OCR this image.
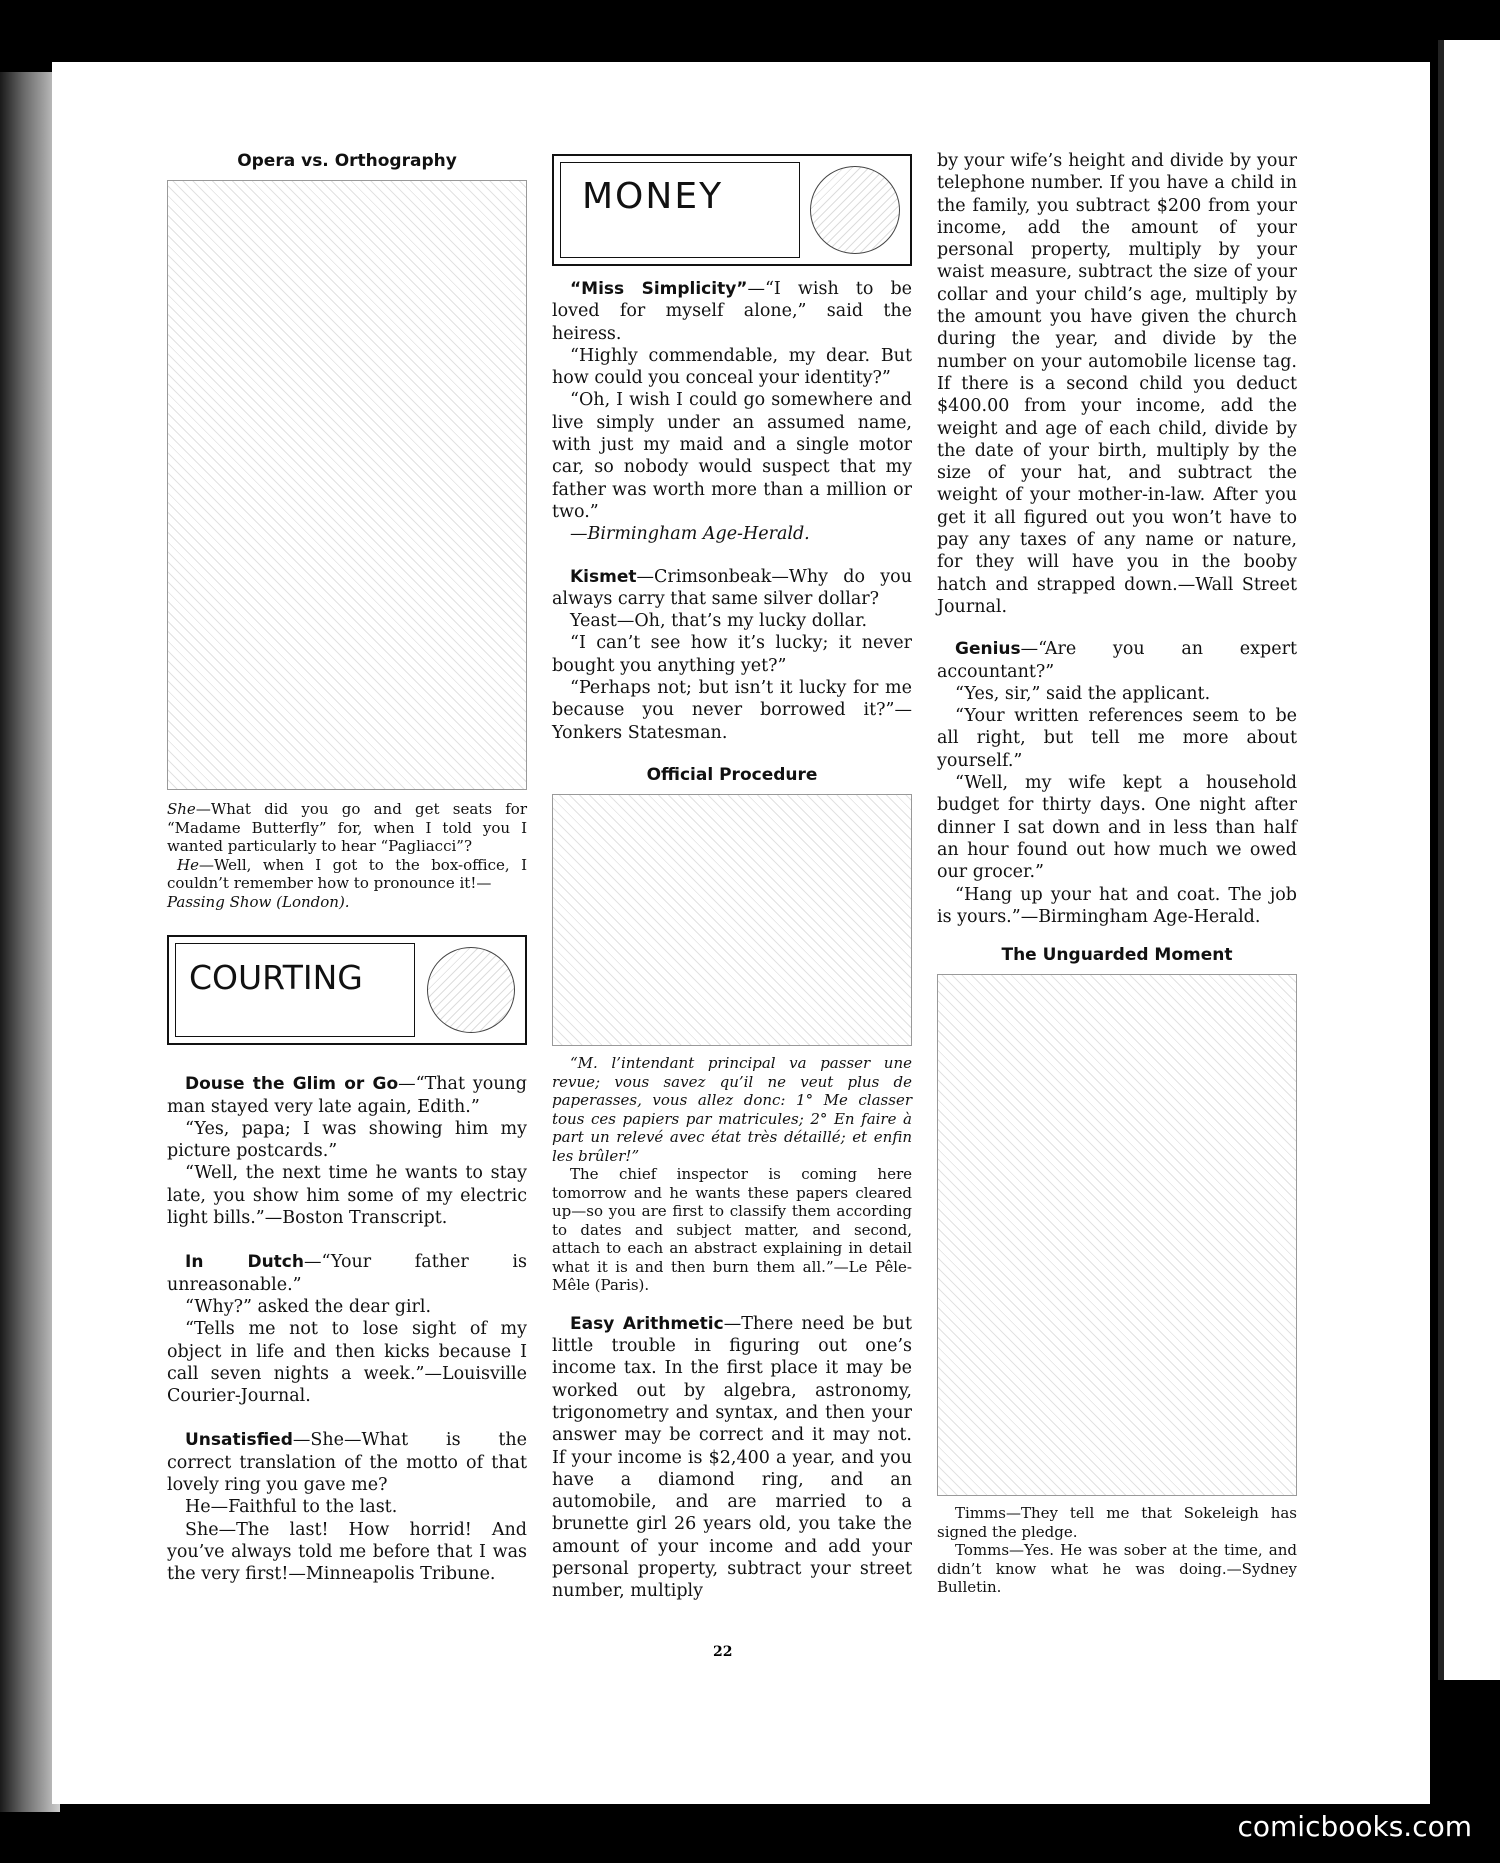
Opera vs. Orthography

She—What did you go and get seats for “Madame Butterfly” for, when I told you I wanted particularly to hear “Pagliacci”?

He—Well, when I got to the box-office, I couldn’t remember how to pronounce it!—

Passing Show (London).

COURTING

Douse the Glim or Go—“That young man stayed very late again, Edith.”

“Yes, papa; I was showing him my picture postcards.”

“Well, the next time he wants to stay late, you show him some of my electric light bills.”—Boston Transcript.

In Dutch—“Your father is unreasonable.”

“Why?” asked the dear girl.

“Tells me not to lose sight of my object in life and then kicks because I call seven nights a week.”—Louisville Courier-Journal.

Unsatisfied—She—What is the correct translation of the motto of that lovely ring you gave me?

He—Faithful to the last.

She—The last! How horrid! And you’ve always told me before that I was the very first!—Minneapolis Tribune.

MONEY

“Miss Simplicity”—“I wish to be loved for myself alone,” said the heiress.

“Highly commendable, my dear. But how could you conceal your identity?”

“Oh, I wish I could go somewhere and live simply under an assumed name, with just my maid and a single motor car, so nobody would suspect that my father was worth more than a million or two.”

—Birmingham Age-Herald.

Kismet—Crimsonbeak—Why do you always carry that same silver dollar?

Yeast—Oh, that’s my lucky dollar.

“I can’t see how it’s lucky; it never bought you anything yet?”

“Perhaps not; but isn’t it lucky for me because you never borrowed it?”—Yonkers Statesman.

Official Procedure

“M. l’intendant principal va passer une revue; vous savez qu’il ne veut plus de paperasses, vous allez donc: 1° Me classer tous ces papiers par matricules; 2° En faire à part un relevé avec état très détaillé; et enfin les brûler!”

The chief inspector is coming here tomorrow and he wants these papers cleared up—so you are first to classify them according to dates and subject matter, and second, attach to each an abstract explaining in detail what it is and then burn them all.”—Le Pêle-Mêle (Paris).

Easy Arithmetic—There need be but little trouble in figuring out one’s income tax. In the first place it may be worked out by algebra, astronomy, trigonometry and syntax, and then your answer may be correct and it may not. If your income is $2,400 a year, and you have a diamond ring, and an automobile, and are married to a brunette girl 26 years old, you take the amount of your income and add your personal property, subtract your street number, multiply

by your wife’s height and divide by your telephone number. If you have a child in the family, you subtract $200 from your income, add the amount of your personal property, multiply by your waist measure, subtract the size of your collar and your child’s age, multiply by the amount you have given the church during the year, and divide by the number on your automobile license tag. If there is a second child you deduct $400.00 from your income, add the weight and age of each child, divide by the date of your birth, multiply by the size of your hat, and subtract the weight of your mother-in-law. After you get it all figured out you won’t have to pay any taxes of any name or nature, for they will have you in the booby hatch and strapped down.—Wall Street Journal.

Genius—“Are you an expert accountant?”

“Yes, sir,” said the applicant.

“Your written references seem to be all right, but tell me more about yourself.”

“Well, my wife kept a household budget for thirty days. One night after dinner I sat down and in less than half an hour found out how much we owed our grocer.”

“Hang up your hat and coat. The job is yours.”—Birmingham Age-Herald.

The Unguarded Moment

Timms—They tell me that Sokeleigh has signed the pledge.

Tomms—Yes. He was sober at the time, and didn’t know what he was doing.—Sydney Bulletin.

22
comicbooks.com
